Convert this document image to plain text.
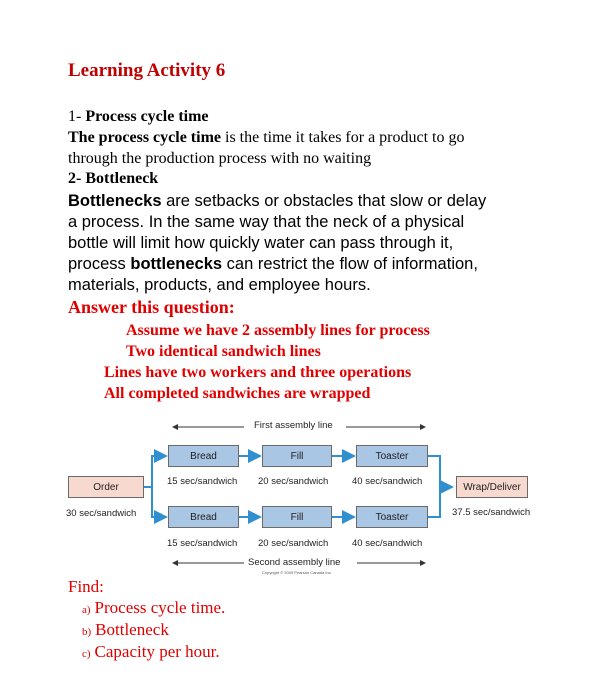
Learning Activity 6
1- Process cycle time
The process cycle time is the time it takes for a product to go
through the production process with no waiting
2- Bottleneck
Bottlenecks are setbacks or obstacles that slow or delay
a process. In the same way that the neck of a physical
bottle will limit how quickly water can pass through it,
process bottlenecks can restrict the flow of information,
materials, products, and employee hours.
Answer this question:
Assume we have 2 assembly lines for process
Two identical sandwich lines
Lines have two workers and three operations
All completed sandwiches are wrapped
First assembly line
Order
30 sec/sandwich
Bread	Fill	Toaster
15 sec/sandwich 20 sec/sandwich	40 sec/sandwich
Bread	Fill	Toaster
15 sec/sandwich 20 sec/sandwich	40 sec/sandwich
Wrap/Deliver
37.5 sec/sandwich
Second assembly line
Copyright © 2009 Pearson Canada Inc.
Find:
a) Process cycle time.
b) Bottleneck
c) Capacity per hour.
